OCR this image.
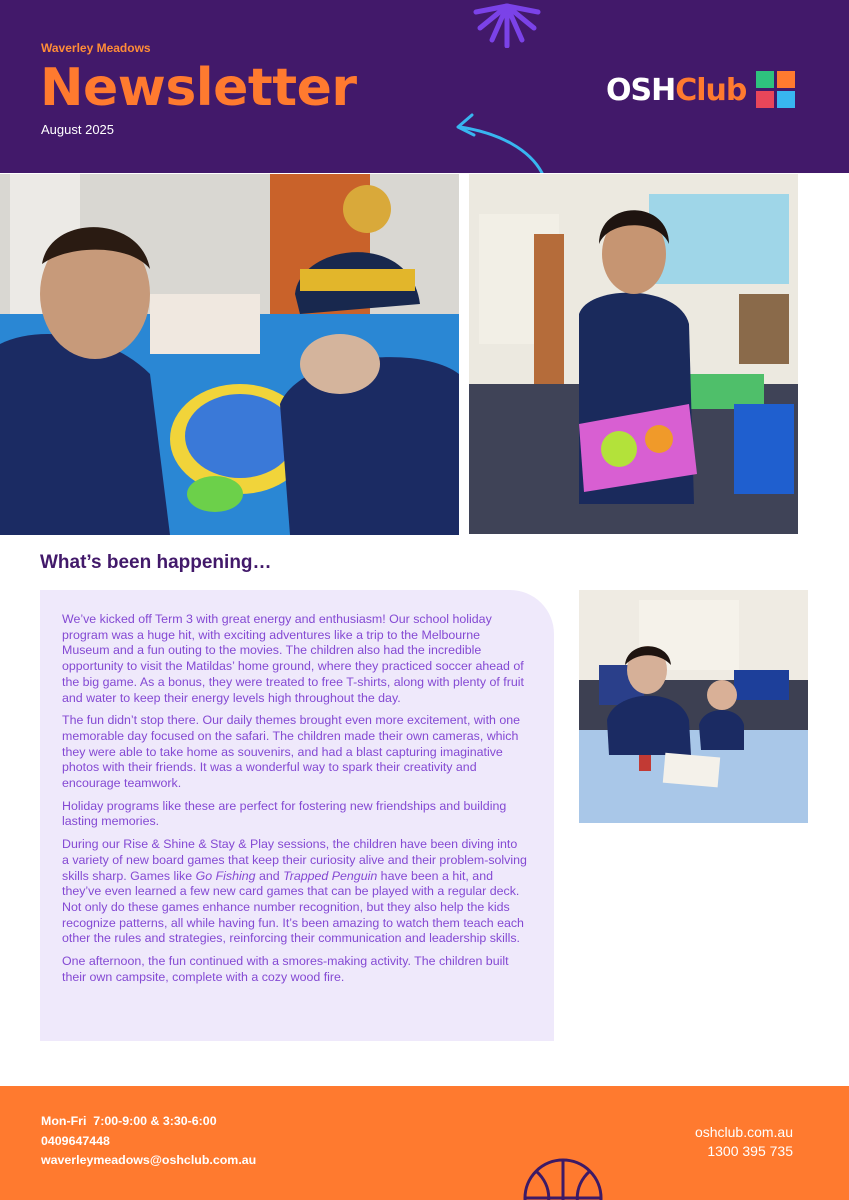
Waverley Meadows
Newsletter
August 2025
OSHClub
What’s been happening…

We’ve kicked off Term 3 with great energy and enthusiasm! Our school holiday program was a huge hit, with exciting adventures like a trip to the Melbourne Museum and a fun outing to the movies. The children also had the incredible opportunity to visit the Matildas’ home ground, where they practiced soccer ahead of the big game. As a bonus, they were treated to free T-shirts, along with plenty of fruit and water to keep their energy levels high throughout the day.

The fun didn’t stop there. Our daily themes brought even more excitement, with one memorable day focused on the safari. The children made their own cameras, which they were able to take home as souvenirs, and had a blast capturing imaginative photos with their friends. It was a wonderful way to spark their creativity and encourage teamwork.

Holiday programs like these are perfect for fostering new friendships and building lasting memories.

During our Rise & Shine & Stay & Play sessions, the children have been diving into a variety of new board games that keep their curiosity alive and their problem-solving skills sharp. Games like Go Fishing and Trapped Penguin have been a hit, and they’ve even learned a few new card games that can be played with a regular deck. Not only do these games enhance number recognition, but they also help the kids recognize patterns, all while having fun. It’s been amazing to watch them teach each other the rules and strategies, reinforcing their communication and leadership skills.

One afternoon, the fun continued with a smores-making activity. The children built their own campsite, complete with a cozy wood fire.

Mon-Fri  7:00-9:00 & 3:30-6:00
0409647448
waverleymeadows@oshclub.com.au
oshclub.com.au
1300 395 735
